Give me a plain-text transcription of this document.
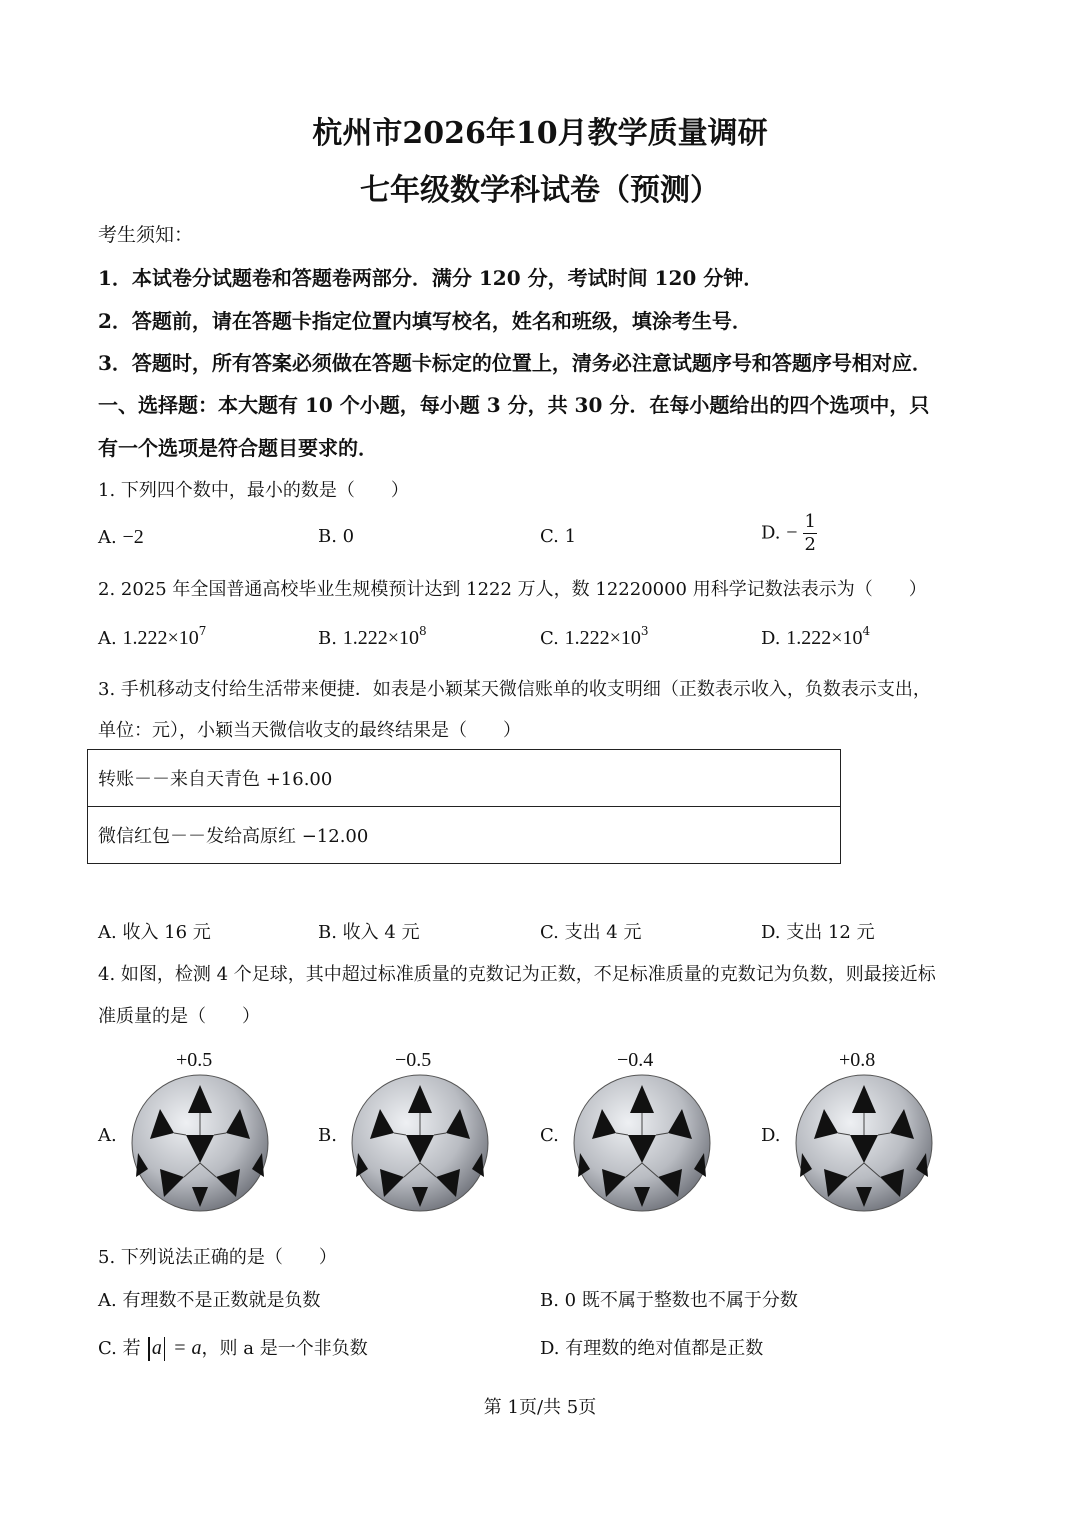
杭州市2026年10月教学质量调研
七年级数学科试卷（预测）
考生须知：
1．本试卷分试题卷和答题卷两部分．满分 120 分，考试时间 120 分钟．
2．答题前，请在答题卡指定位置内填写校名，姓名和班级，填涂考生号．
3．答题时，所有答案必须做在答题卡标定的位置上，清务必注意试题序号和答题序号相对应．
一、选择题：本大题有 10 个小题，每小题 3 分，共 30 分．在每小题给出的四个选项中，只
有一个选项是符合题目要求的．
1. 下列四个数中，最小的数是（　　）
A. −2	B. 0	C. 1	D. − $\frac{1}{2}$
2. 2025 年全国普通高校毕业生规模预计达到 1222 万人，数 12220000 用科学记数法表示为（　　）
A. $1.222\times 10^7$	B. $1.222\times 10^8$	C. $1.222\times 10^3$	D. $1.222\times 10^4$
3. 手机移动支付给生活带来便捷．如表是小颖某天微信账单的收支明细（正数表示收入，负数表示支出，
单位：元），小颖当天微信收支的最终结果是（　　）
转账－－来自天青色 +16.00
微信红包－－发给高原红 −12.00
A. 收入 16 元	B. 收入 4 元	C. 支出 4 元	D. 支出 12 元
4. 如图，检测 4 个足球，其中超过标准质量的克数记为正数，不足标准质量的克数记为负数，则最接近标
准质量的是（　　）
A.
+0.5
B.
−0.5
C.
−0.4
D.
+0.8
5. 下列说法正确的是（　　）
A. 有理数不是正数就是负数	B. 0 既不属于整数也不属于分数
C. 若 a = a，则 a 是一个非负数	D. 有理数的绝对值都是正数
第 1页/共 5页
